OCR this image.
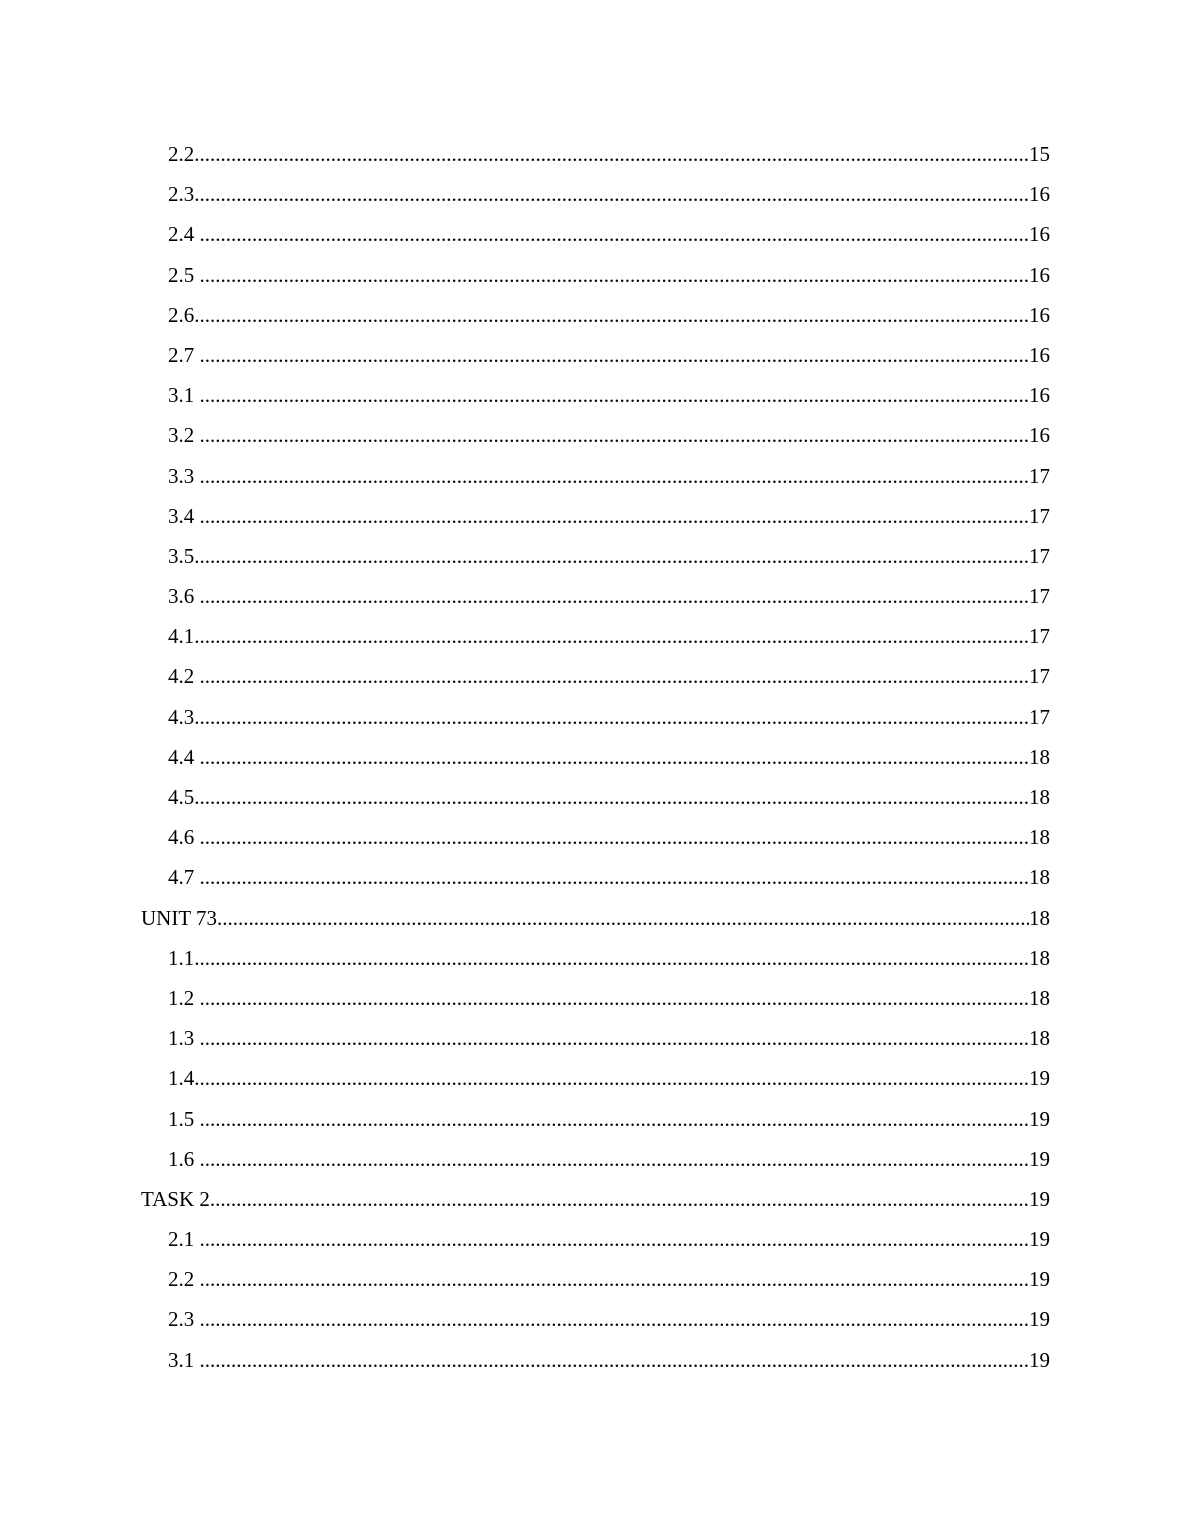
2.2 .....	15
2.3 .....	16
2.4 .....	16
2.5 .....	16
2.6 .....	16
2.7 .....	16
3.1 .....	16
3.2 .....	16
3.3 .....	17
3.4 .....	17
3.5 .....	17
3.6 .....	17
4.1 .....	17
4.2 .....	17
4.3 .....	17
4.4 .....	18
4.5 .....	18
4.6 .....	18
4.7 .....	18
UNIT 73 .....	18
1.1 .....	18
1.2 .....	18
1.3 .....	18
1.4 .....	19
1.5 .....	19
1.6 .....	19
TASK 2 .....	19
2.1 .....	19
2.2 .....	19
2.3 .....	19
3.1 .....	19
